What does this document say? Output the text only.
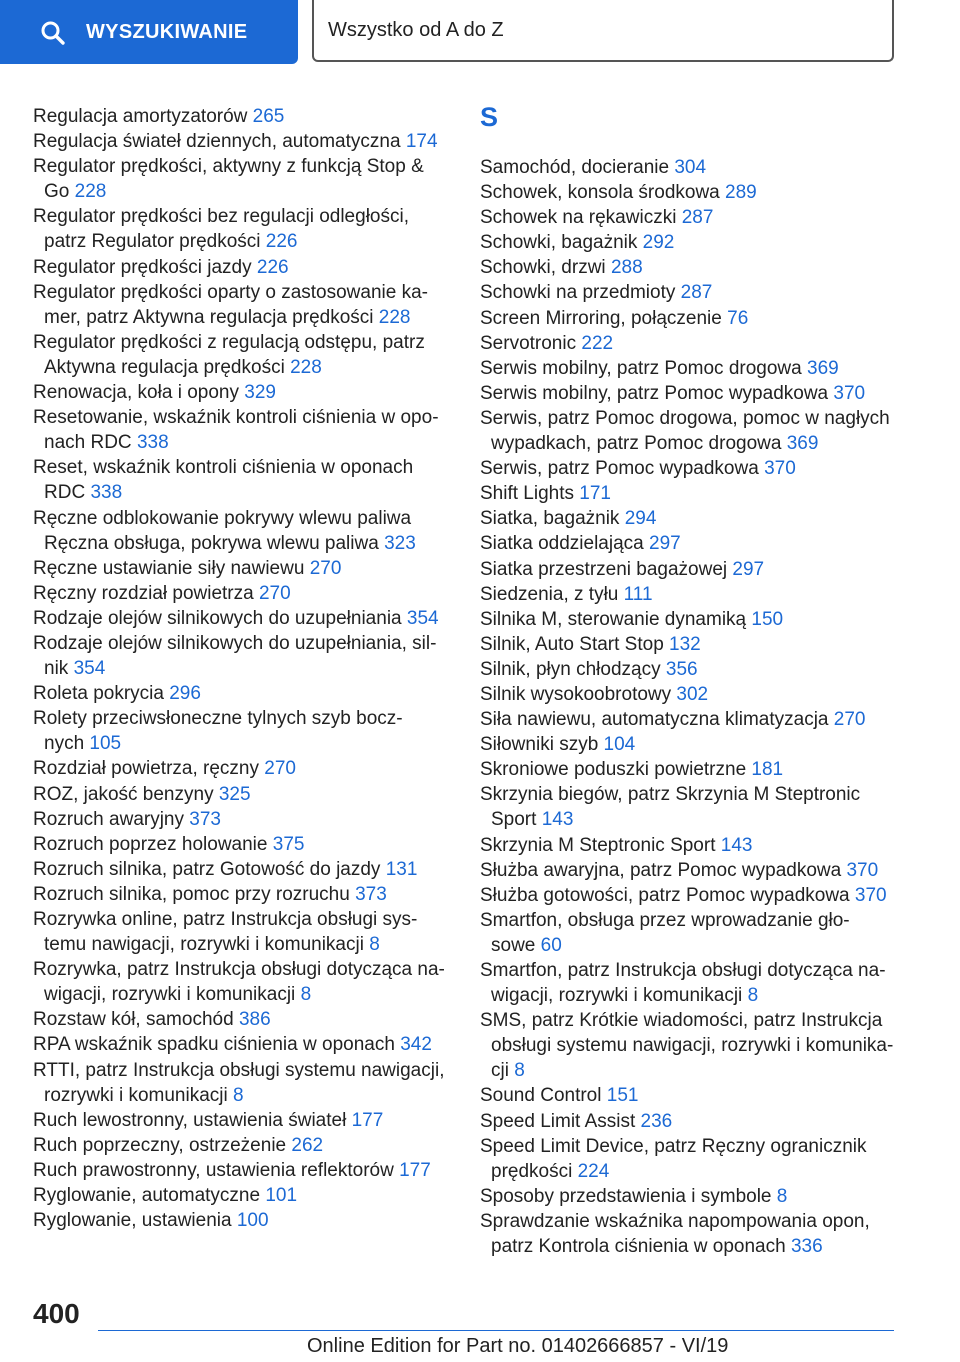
WYSZUKIWANIE	Wszystko od A do Z
Regulacja amortyzatorów 265
Regulacja świateł dziennych, automatyczna 174
Regulator prędkości, aktywny z funkcją Stop &
Go 228
Regulator prędkości bez regulacji odległości,
patrz Regulator prędkości 226
Regulator prędkości jazdy 226
Regulator prędkości oparty o zastosowanie ka‐
mer, patrz Aktywna regulacja prędkości 228
Regulator prędkości z regulacją odstępu, patrz
Aktywna regulacja prędkości 228
Renowacja, koła i opony 329
Resetowanie, wskaźnik kontroli ciśnienia w opo‐
nach RDC 338
Reset, wskaźnik kontroli ciśnienia w oponach
RDC 338
Ręczne odblokowanie pokrywy wlewu paliwa
Ręczna obsługa, pokrywa wlewu paliwa 323
Ręczne ustawianie siły nawiewu 270
Ręczny rozdział powietrza 270
Rodzaje olejów silnikowych do uzupełniania 354
Rodzaje olejów silnikowych do uzupełniania, sil‐
nik 354
Roleta pokrycia 296
Rolety przeciwsłoneczne tylnych szyb bocz‐
nych 105
Rozdział powietrza, ręczny 270
ROZ, jakość benzyny 325
Rozruch awaryjny 373
Rozruch poprzez holowanie 375
Rozruch silnika, patrz Gotowość do jazdy 131
Rozruch silnika, pomoc przy rozruchu 373
Rozrywka online, patrz Instrukcja obsługi sys‐
temu nawigacji, rozrywki i komunikacji 8
Rozrywka, patrz Instrukcja obsługi dotycząca na‐
wigacji, rozrywki i komunikacji 8
Rozstaw kół, samochód 386
RPA wskaźnik spadku ciśnienia w oponach 342
RTTI, patrz Instrukcja obsługi systemu nawigacji,
rozrywki i komunikacji 8
Ruch lewostronny, ustawienia świateł 177
Ruch poprzeczny, ostrzeżenie 262
Ruch prawostronny, ustawienia reflektorów 177
Ryglowanie, automatyczne 101
Ryglowanie, ustawienia 100
S
Samochód, docieranie 304
Schowek, konsola środkowa 289
Schowek na rękawiczki 287
Schowki, bagażnik 292
Schowki, drzwi 288
Schowki na przedmioty 287
Screen Mirroring, połączenie 76
Servotronic 222
Serwis mobilny, patrz Pomoc drogowa 369
Serwis mobilny, patrz Pomoc wypadkowa 370
Serwis, patrz Pomoc drogowa, pomoc w nagłych
wypadkach, patrz Pomoc drogowa 369
Serwis, patrz Pomoc wypadkowa 370
Shift Lights 171
Siatka, bagażnik 294
Siatka oddzielająca 297
Siatka przestrzeni bagażowej 297
Siedzenia, z tyłu 111
Silnika M, sterowanie dynamiką 150
Silnik, Auto Start Stop 132
Silnik, płyn chłodzący 356
Silnik wysokoobrotowy 302
Siła nawiewu, automatyczna klimatyzacja 270
Siłowniki szyb 104
Skroniowe poduszki powietrzne 181
Skrzynia biegów, patrz Skrzynia M Steptronic
Sport 143
Skrzynia M Steptronic Sport 143
Służba awaryjna, patrz Pomoc wypadkowa 370
Służba gotowości, patrz Pomoc wypadkowa 370
Smartfon, obsługa przez wprowadzanie gło‐
sowe 60
Smartfon, patrz Instrukcja obsługi dotycząca na‐
wigacji, rozrywki i komunikacji 8
SMS, patrz Krótkie wiadomości, patrz Instrukcja
obsługi systemu nawigacji, rozrywki i komunika‐
cji 8
Sound Control 151
Speed Limit Assist 236
Speed Limit Device, patrz Ręczny ogranicznik
prędkości 224
Sposoby przedstawienia i symbole 8
Sprawdzanie wskaźnika napompowania opon,
patrz Kontrola ciśnienia w oponach 336
400
Online Edition for Part no. 01402666857 - VI/19
